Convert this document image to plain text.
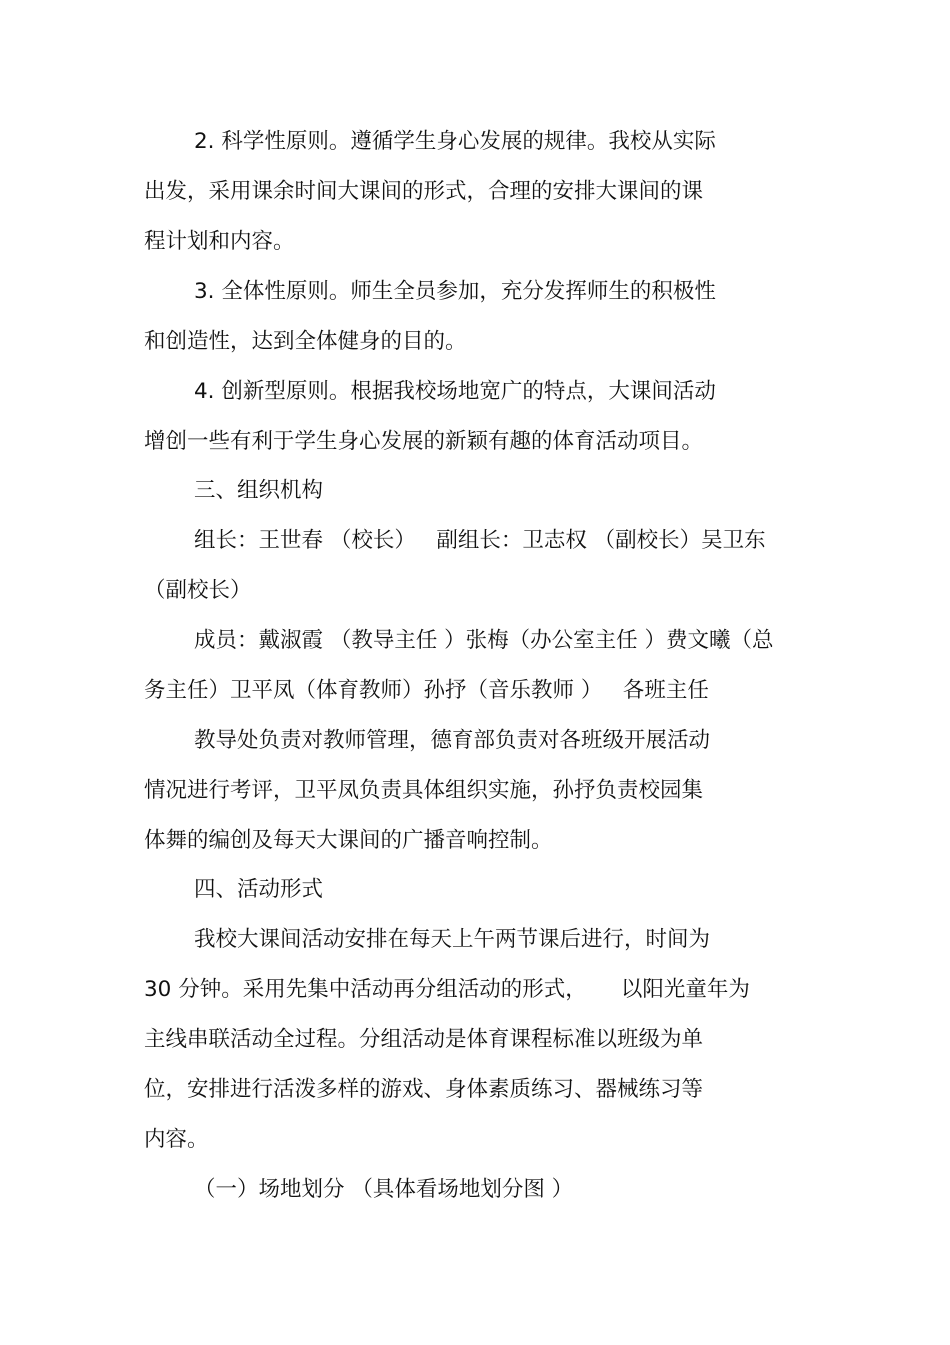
2. 科学性原则。遵循学生身心发展的规律。我校从实际

出发，采用课余时间大课间的形式，合理的安排大课间的课

程计划和内容。

3. 全体性原则。师生全员参加，充分发挥师生的积极性

和创造性，达到全体健身的目的。

4. 创新型原则。根据我校场地宽广的特点，大课间活动

增创一些有利于学生身心发展的新颖有趣的体育活动项目。

三、组织机构

组长：王世春 （校长）   副组长：卫志权 （副校长）吴卫东

（副校长）

成员：戴淑霞 （教导主任 ）张梅（办公室主任 ）费文曦（总

务主任）卫平凤（体育教师）孙抒（音乐教师 ）   各班主任

教导处负责对教师管理，德育部负责对各班级开展活动

情况进行考评，卫平凤负责具体组织实施，孙抒负责校园集

体舞的编创及每天大课间的广播音响控制。

四、活动形式

我校大课间活动安排在每天上午两节课后进行，时间为

30 分钟。采用先集中活动再分组活动的形式，     以阳光童年为

主线串联活动全过程。分组活动是体育课程标准以班级为单

位，安排进行活泼多样的游戏、身体素质练习、器械练习等

内容。

（一）场地划分 （具体看场地划分图 ）
